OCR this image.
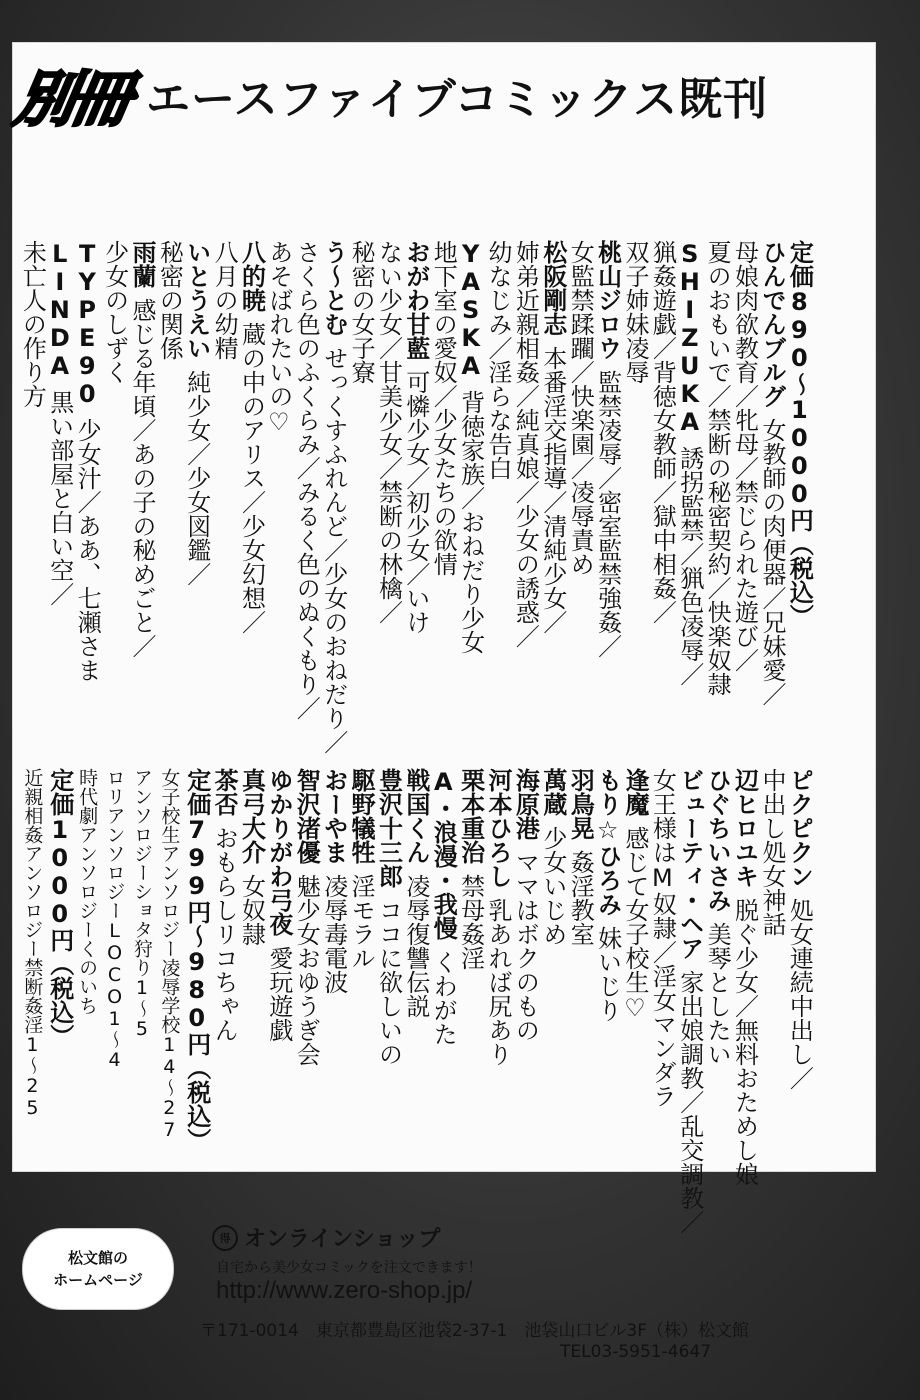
別冊 エースファイブコミックス既刊
定価890〜1000円（税込）
ひんでんブルグ女教師の肉便器／兄妹愛／
母娘肉欲教育／牝母／禁じられた遊び／
夏のおもいで／禁断の秘密契約／快楽奴隷
SHIZUKA誘拐監禁／猟色凌辱／
猟姦遊戯／背徳女教師／獄中相姦／
双子姉妹凌辱
桃山ジロウ監禁凌辱／密室監禁強姦／
女監禁蹂躙／快楽園／凌辱責め
松阪剛志本番淫交指導／清純少女／
姉弟近親相姦／純真娘／少女の誘惑／
幼なじみ／淫らな告白
YASKA背徳家族／おねだり少女
地下室の愛奴／少女たちの欲情
おがわ甘藍可憐少女／初少女／いけ
ない少女／甘美少女／禁断の林檎／
秘密の女子寮
う〜とむせっくすふれんど／少女のおねだり／
さくら色のふくらみ／みるく色のぬくもり／
あそばれたいの♡
八的暁蔵の中のアリス／少女幻想／
八月の幼精
いとうえい純少女／少女図鑑／
秘密の関係
雨蘭感じる年頃／あの子の秘めごと／
少女のしずく
TYPE90少女汁／ああ、七瀬さま
LINDA黒い部屋と白い空／
未亡人の作り方
ピクピクン処女連続中出し／
中出し処女神話
辺ヒロユキ脱ぐ少女／無料おためし娘
ひぐちいさみ美琴としたい
ビューティ・ヘア家出娘調教／乱交調教／
女王様はM奴隷／淫女マンダラ
逢魔感じて女子校生♡
もり☆ひろみ妹いじり
羽鳥晃姦淫教室
萬蔵少女いじめ
海原港ママはボクのもの
河本ひろし乳あれば尻あり
栗本重治禁母姦淫
A・浪漫・我慢くわがた
戦国くん凌辱復讐伝説
豊沢十三郎ココに欲しいの
駆野犠牲淫モラル
おーやま凌辱毒電波
智沢渚優魅少女おゆうぎ会
ゆかりがわ弓夜愛玩遊戯
真弓大介女奴隷
茶否おもらしリコちゃん
定価799円〜980円（税込）
女子校生アンソロジー凌辱学校14〜27
アンソロジーショタ狩り1〜5
ロリアンソロジーLOCO1〜4
時代劇アンソロジーくのいち
定価1000円（税込）
近親相姦アンソロジー禁断姦淫1〜25
松文館の
ホームページ
得 オンラインショップ
自宅から美少女コミックを注文できます！
http://www.zero-shop.jp/
〒171-0014　東京都豊島区池袋2-37-1　池袋山口ビル3F（株）松文館
TEL03-5951-4647
